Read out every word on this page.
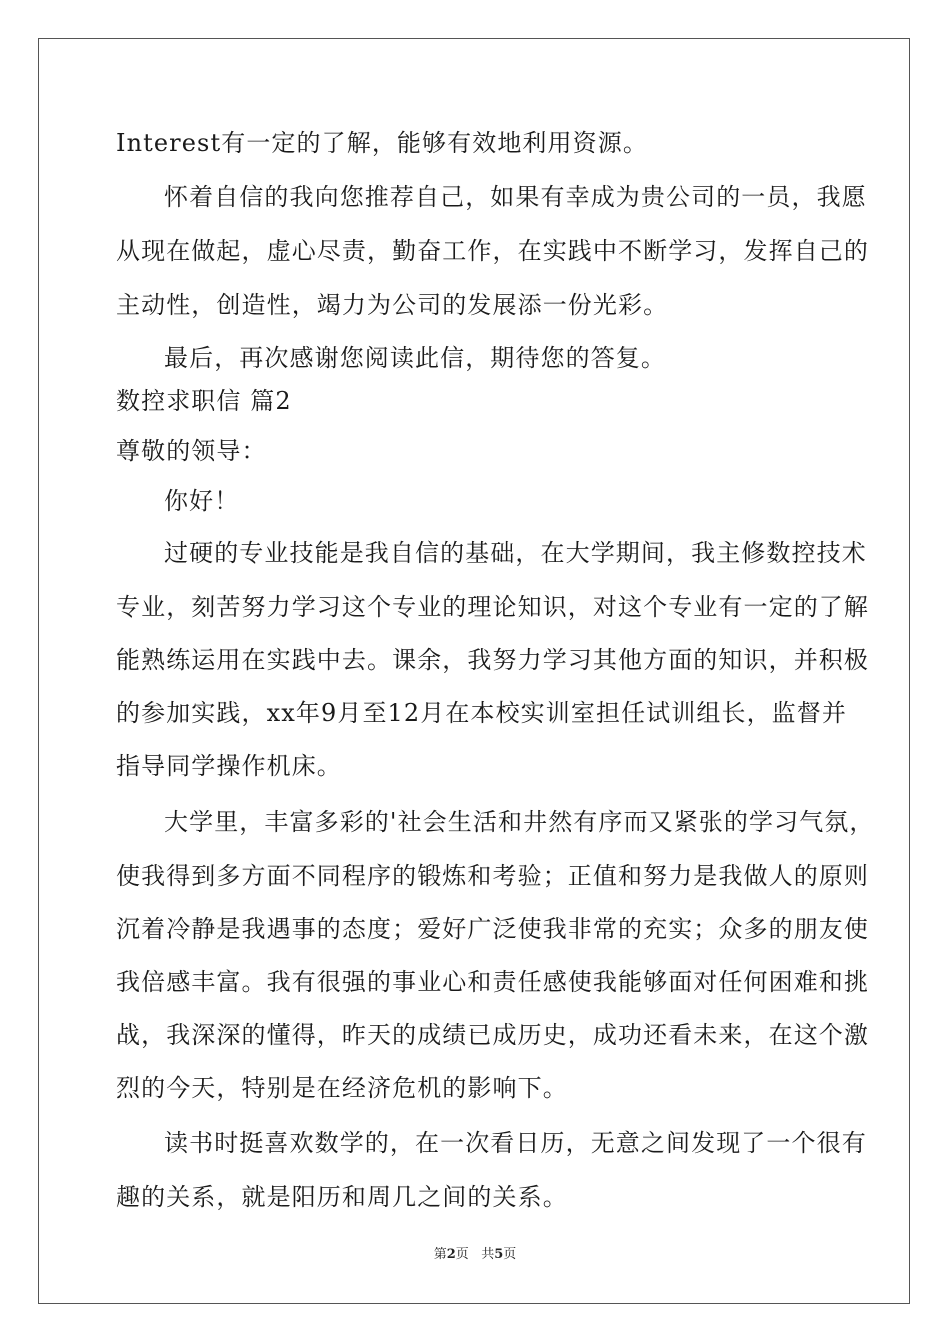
Interest有一定的了解，能够有效地利用资源。
怀着自信的我向您推荐自己，如果有幸成为贵公司的一员，我愿
从现在做起，虚心尽责，勤奋工作，在实践中不断学习，发挥自己的
主动性，创造性，竭力为公司的发展添一份光彩。
最后，再次感谢您阅读此信，期待您的答复。
数控求职信 篇2
尊敬的领导：
你好！
过硬的专业技能是我自信的基础，在大学期间，我主修数控技术
专业，刻苦努力学习这个专业的理论知识，对这个专业有一定的了解
能熟练运用在实践中去。课余，我努力学习其他方面的知识，并积极
的参加实践，xx年9月至12月在本校实训室担任试训组长，监督并
指导同学操作机床。
大学里，丰富多彩的'社会生活和井然有序而又紧张的学习气氛，
使我得到多方面不同程序的锻炼和考验；正值和努力是我做人的原则
沉着冷静是我遇事的态度；爱好广泛使我非常的充实；众多的朋友使
我倍感丰富。我有很强的事业心和责任感使我能够面对任何困难和挑
战，我深深的懂得，昨天的成绩已成历史，成功还看未来，在这个激
烈的今天，特别是在经济危机的影响下。
读书时挺喜欢数学的，在一次看日历，无意之间发现了一个很有
趣的关系，就是阳历和周几之间的关系。
第2页   共5页
